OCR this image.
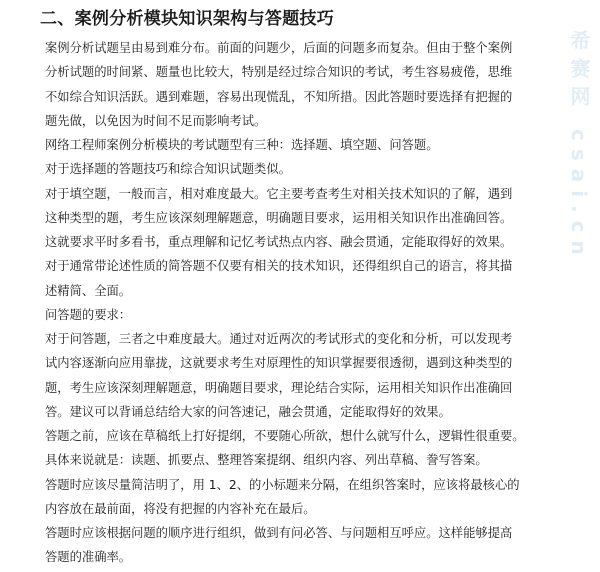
二、案例分析模块知识架构与答题技巧
案例分析试题呈由易到难分布。前面的问题少，后面的问题多而复杂。但由于整个案例
分析试题的时间紧、题量也比较大，特别是经过综合知识的考试，考生容易疲倦，思维
不如综合知识活跃。遇到难题，容易出现慌乱，不知所措。因此答题时要选择有把握的
题先做，以免因为时间不足而影响考试。
网络工程师案例分析模块的考试题型有三种：选择题、填空题、问答题。
对于选择题的答题技巧和综合知识试题类似。
对于填空题，一般而言，相对难度最大。它主要考查考生对相关技术知识的了解，遇到
这种类型的题，考生应该深刻理解题意，明确题目要求，运用相关知识作出准确回答。
这就要求平时多看书，重点理解和记忆考试热点内容、融会贯通，定能取得好的效果。
对于通常带论述性质的简答题不仅要有相关的技术知识，还得组织自己的语言，将其描
述精简、全面。
问答题的要求：
对于问答题，三者之中难度最大。通过对近两次的考试形式的变化和分析，可以发现考
试内容逐渐向应用靠拢，这就要求考生对原理性的知识掌握要很透彻，遇到这种类型的
题，考生应该深刻理解题意，明确题目要求，理论结合实际，运用相关知识作出准确回
答。建议可以背诵总结给大家的问答速记，融会贯通，定能取得好的效果。
答题之前，应该在草稿纸上打好提纲，不要随心所欲，想什么就写什么，逻辑性很重要。
具体来说就是：读题、抓要点、整理答案提纲、组织内容、列出草稿、誊写答案。
答题时应该尽量简洁明了，用 1、2、的小标题来分隔，在组织答案时，应该将最核心的
内容放在最前面，将没有把握的内容补充在最后。
答题时应该根据问题的顺序进行组织，做到有问必答、与问题相互呼应。这样能够提高
答题的准确率。
希赛网 csai.cn
